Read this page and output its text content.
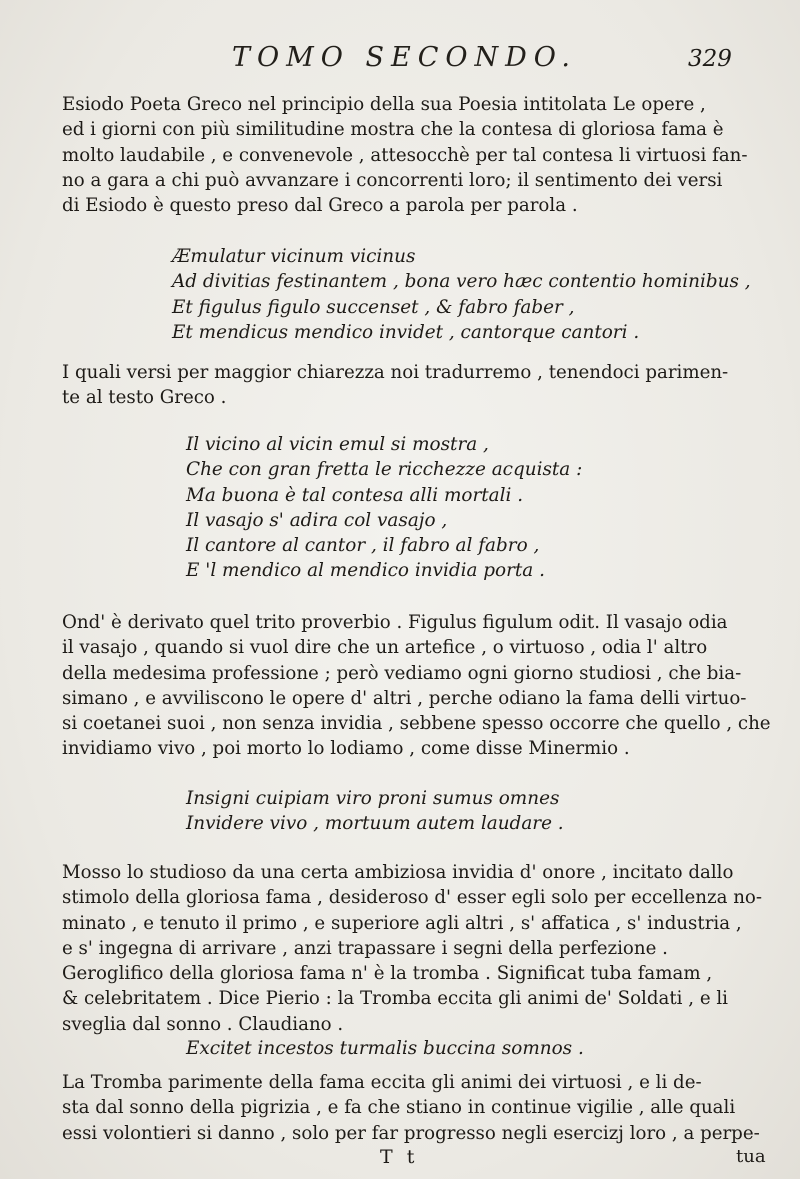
TOMO SECONDO.	329

Esiodo Poeta Greco nel principio della sua Poesia intitolata Le opere ,
ed i giorni con più similitudine mostra che la contesa di gloriosa fama è
molto laudabile , e convenevole , attesocchè per tal contesa li virtuosi fan-
no a gara a chi può avvanzare i concorrenti loro; il sentimento dei versi
di Esiodo è questo preso dal Greco a parola per parola .

Æmulatur vicinum vicinus
Ad divitias festinantem , bona vero hæc contentio hominibus ,
Et figulus figulo succenset , & fabro faber ,
Et mendicus mendico invidet , cantorque cantori .

I quali versi per maggior chiarezza noi tradurremo , tenendoci parimen-
te al testo Greco .

Il vicino al vicin emul si mostra ,
Che con gran fretta le ricchezze acquista :
Ma buona è tal contesa alli mortali .
Il vasajo s' adira col vasajo ,
Il cantore al cantor , il fabro al fabro ,
E 'l mendico al mendico invidia porta .

Ond' è derivato quel trito proverbio . Figulus figulum odit. Il vasajo odia
il vasajo , quando si vuol dire che un artefice , o virtuoso , odia l' altro
della medesima professione ; però vediamo ogni giorno studiosi , che bia-
simano , e avviliscono le opere d' altri , perche odiano la fama delli virtuo-
si coetanei suoi , non senza invidia , sebbene spesso occorre che quello , che
invidiamo vivo , poi morto lo lodiamo , come disse Minermio .

Insigni cuipiam viro proni sumus omnes
Invidere vivo , mortuum autem laudare .

Mosso lo studioso da una certa ambiziosa invidia d' onore , incitato dallo
stimolo della gloriosa fama , desiderosо d' esser egli solo per eccellenza no-
minato , e tenuto il primo , e superiore agli altri , s' affatica , s' industria ,
e s' ingegna di arrivare , anzi trapassare i segni della perfezione .
Geroglifico della gloriosa fama n' è la tromba . Significat tuba famam ,
& celebritatem . Dice Pierio : la Tromba eccita gli animi de' Soldati , e li
sveglia dal sonno . Claudiano .

Excitet incestos turmalis buccina somnos .

La Tromba parimente della fama eccita gli animi dei virtuosi , e li de-
sta dal sonno della pigrizia , e fa che stiano in continue vigilie , alle quali
essi volontieri si danno , solo per far progresso negli esercizj loro , a perpe-

T t	tua
